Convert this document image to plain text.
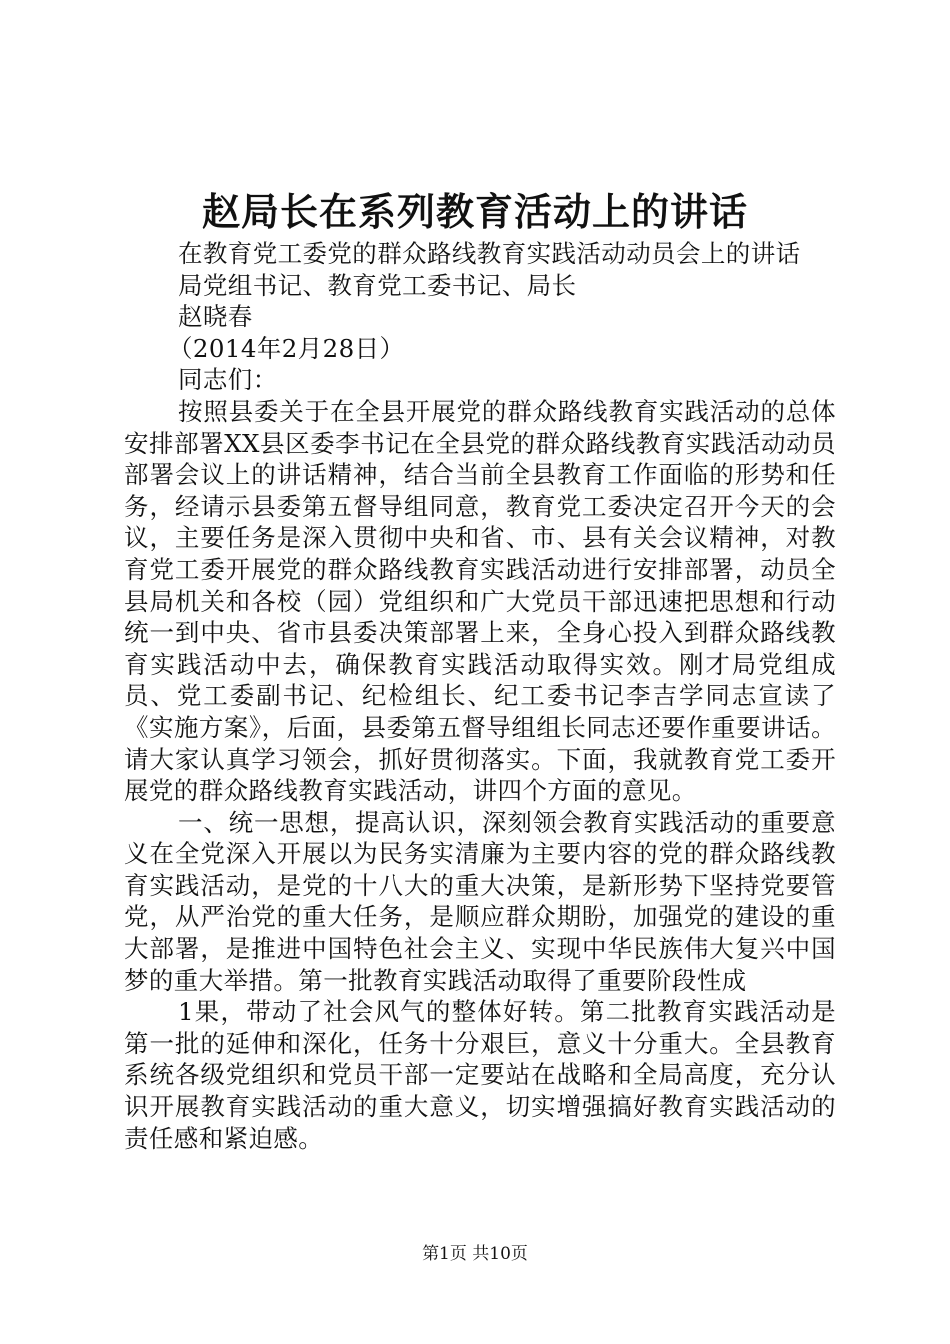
赵局长在系列教育活动上的讲话

在教育党工委党的群众路线教育实践活动动员会上的讲话

局党组书记、教育党工委书记、局长

赵晓春

（2014年2月28日）

同志们：

按照县委关于在全县开展党的群众路线教育实践活动的总体安排部署XX县区委李书记在全县党的群众路线教育实践活动动员部署会议上的讲话精神，结合当前全县教育工作面临的形势和任务，经请示县委第五督导组同意，教育党工委决定召开今天的会议，主要任务是深入贯彻中央和省、市、县有关会议精神，对教育党工委开展党的群众路线教育实践活动进行安排部署，动员全县局机关和各校（园）党组织和广大党员干部迅速把思想和行动统一到中央、省市县委决策部署上来，全身心投入到群众路线教育实践活动中去，确保教育实践活动取得实效。刚才局党组成员、党工委副书记、纪检组长、纪工委书记李吉学同志宣读了《实施方案》，后面，县委第五督导组组长同志还要作重要讲话。请大家认真学习领会，抓好贯彻落实。下面，我就教育党工委开展党的群众路线教育实践活动，讲四个方面的意见。

一、统一思想，提高认识，深刻领会教育实践活动的重要意义在全党深入开展以为民务实清廉为主要内容的党的群众路线教育实践活动，是党的十八大的重大决策，是新形势下坚持党要管党，从严治党的重大任务，是顺应群众期盼，加强党的建设的重大部署，是推进中国特色社会主义、实现中华民族伟大复兴中国梦的重大举措。第一批教育实践活动取得了重要阶段性成

1果，带动了社会风气的整体好转。第二批教育实践活动是第一批的延伸和深化，任务十分艰巨，意义十分重大。全县教育系统各级党组织和党员干部一定要站在战略和全局高度，充分认识开展教育实践活动的重大意义，切实增强搞好教育实践活动的责任感和紧迫感。

第1页 共10页
